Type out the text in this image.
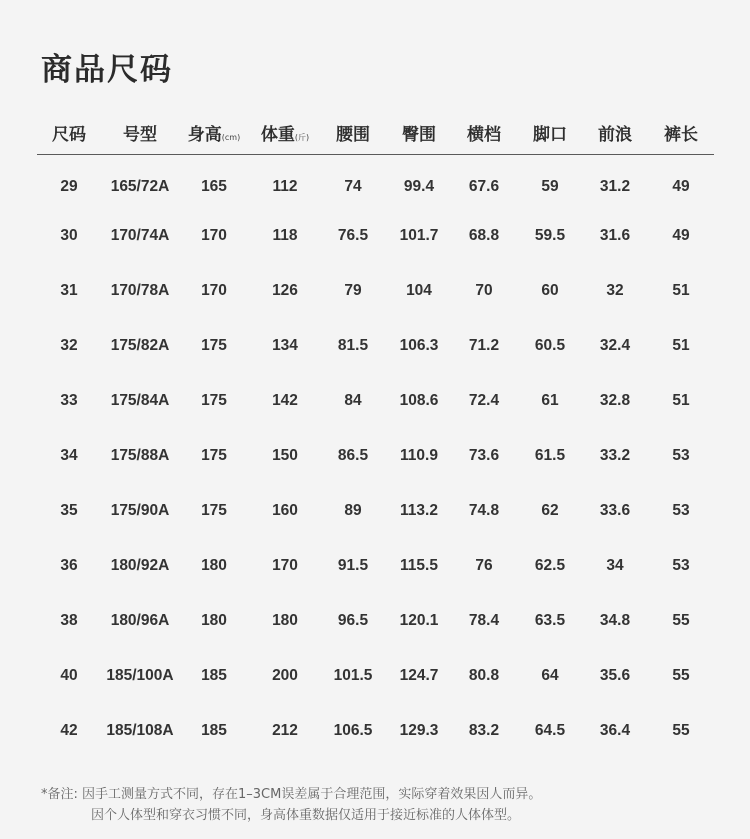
商品尺码
尺码 号型 身高(cm) 体重(斤) 腰围 臀围 横档 脚口 前浪 裤长
29 165/72A 165	112	74	99.4 67.6	59	31.2	49
30 170/74A 170	118	76.5 101.7 68.8 59.5 31.6	49
31 170/78A 170	126	79	104	70	60	32	51
32 175/82A 175	134	81.5 106.3 71.2 60.5 32.4	51
33 175/84A 175	142	84 108.6 72.4	61	32.8	51
34 175/88A 175	150	86.5 110.9 73.6 61.5 33.2	53
35 175/90A 175	160	89 113.2 74.8	62	33.6	53
36 180/92A 180	170	91.5 115.5 76	62.5	34	53
38 180/96A 180	180	96.5 120.1 78.4 63.5 34.8	55
40 185/100A 185	200 101.5 124.7 80.8	64	35.6	55
42 185/108A 185	212 106.5 129.3 83.2 64.5 36.4	55
*备注: 因手工测量方式不同，存在1–3CM误差属于合理范围，实际穿着效果因人而异。
因个人体型和穿衣习惯不同，身高体重数据仅适用于接近标准的人体体型。
